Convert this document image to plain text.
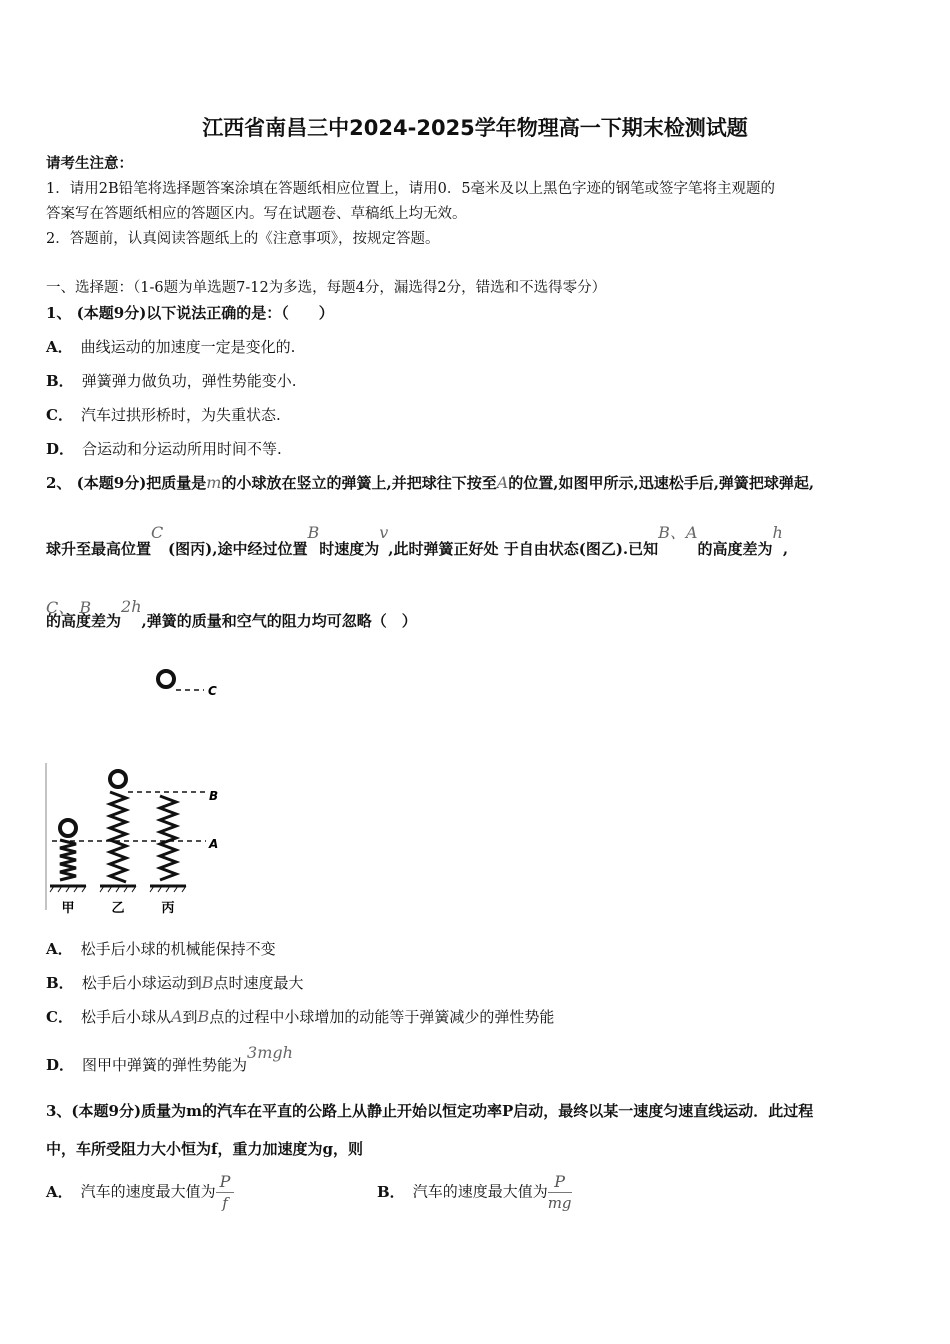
江西省南昌三中2024-2025学年物理高一下期末检测试题
请考生注意：
1．请用2B铅笔将选择题答案涂填在答题纸相应位置上，请用0．5毫米及以上黑色字迹的钢笔或签字笔将主观题的
答案写在答题纸相应的答题区内。写在试题卷、草稿纸上均无效。
2．答题前，认真阅读答题纸上的《注意事项》，按规定答题。
一、选择题：（1-6题为单选题7-12为多选，每题4分，漏选得2分，错选和不选得零分）
1、 (本题9分)以下说法正确的是：（　　）
A． 曲线运动的加速度一定是变化的.
B． 弹簧弹力做负功，弹性势能变小.
C． 汽车过拱形桥时，为失重状态.
D． 合运动和分运动所用时间不等.
2、 (本题9分)把质量是m的小球放在竖立的弹簧上,并把球往下按至A的位置,如图甲所示,迅速松手后,弹簧把球弹起,
球升至最高位置C (图丙),途中经过位置B时速度为v,此时弹簧正好处 于自由状态(图乙).已知B、A的高度差为h,
C、 B

的高度差为2h,弹簧的质量和空气的阻力均可忽略（　）
C
B
A
甲	乙	丙
A． 松手后小球的机械能保持不变
B． 松手后小球运动到B点时速度最大
C． 松手后小球从A到B点的过程中小球增加的动能等于弹簧减少的弹性势能
D． 图甲中弹簧的弹性势能为3mgh
3、(本题9分)质量为m的汽车在平直的公路上从静止开始以恒定功率P启动，最终以某一速度匀速直线运动．此过程
中，车所受阻力大小恒为f，重力加速度为g，则
A． 汽车的速度最大值为 $\frac{P}{f}$	B． 汽车的速度最大值为 $\frac{P}{mg}$
